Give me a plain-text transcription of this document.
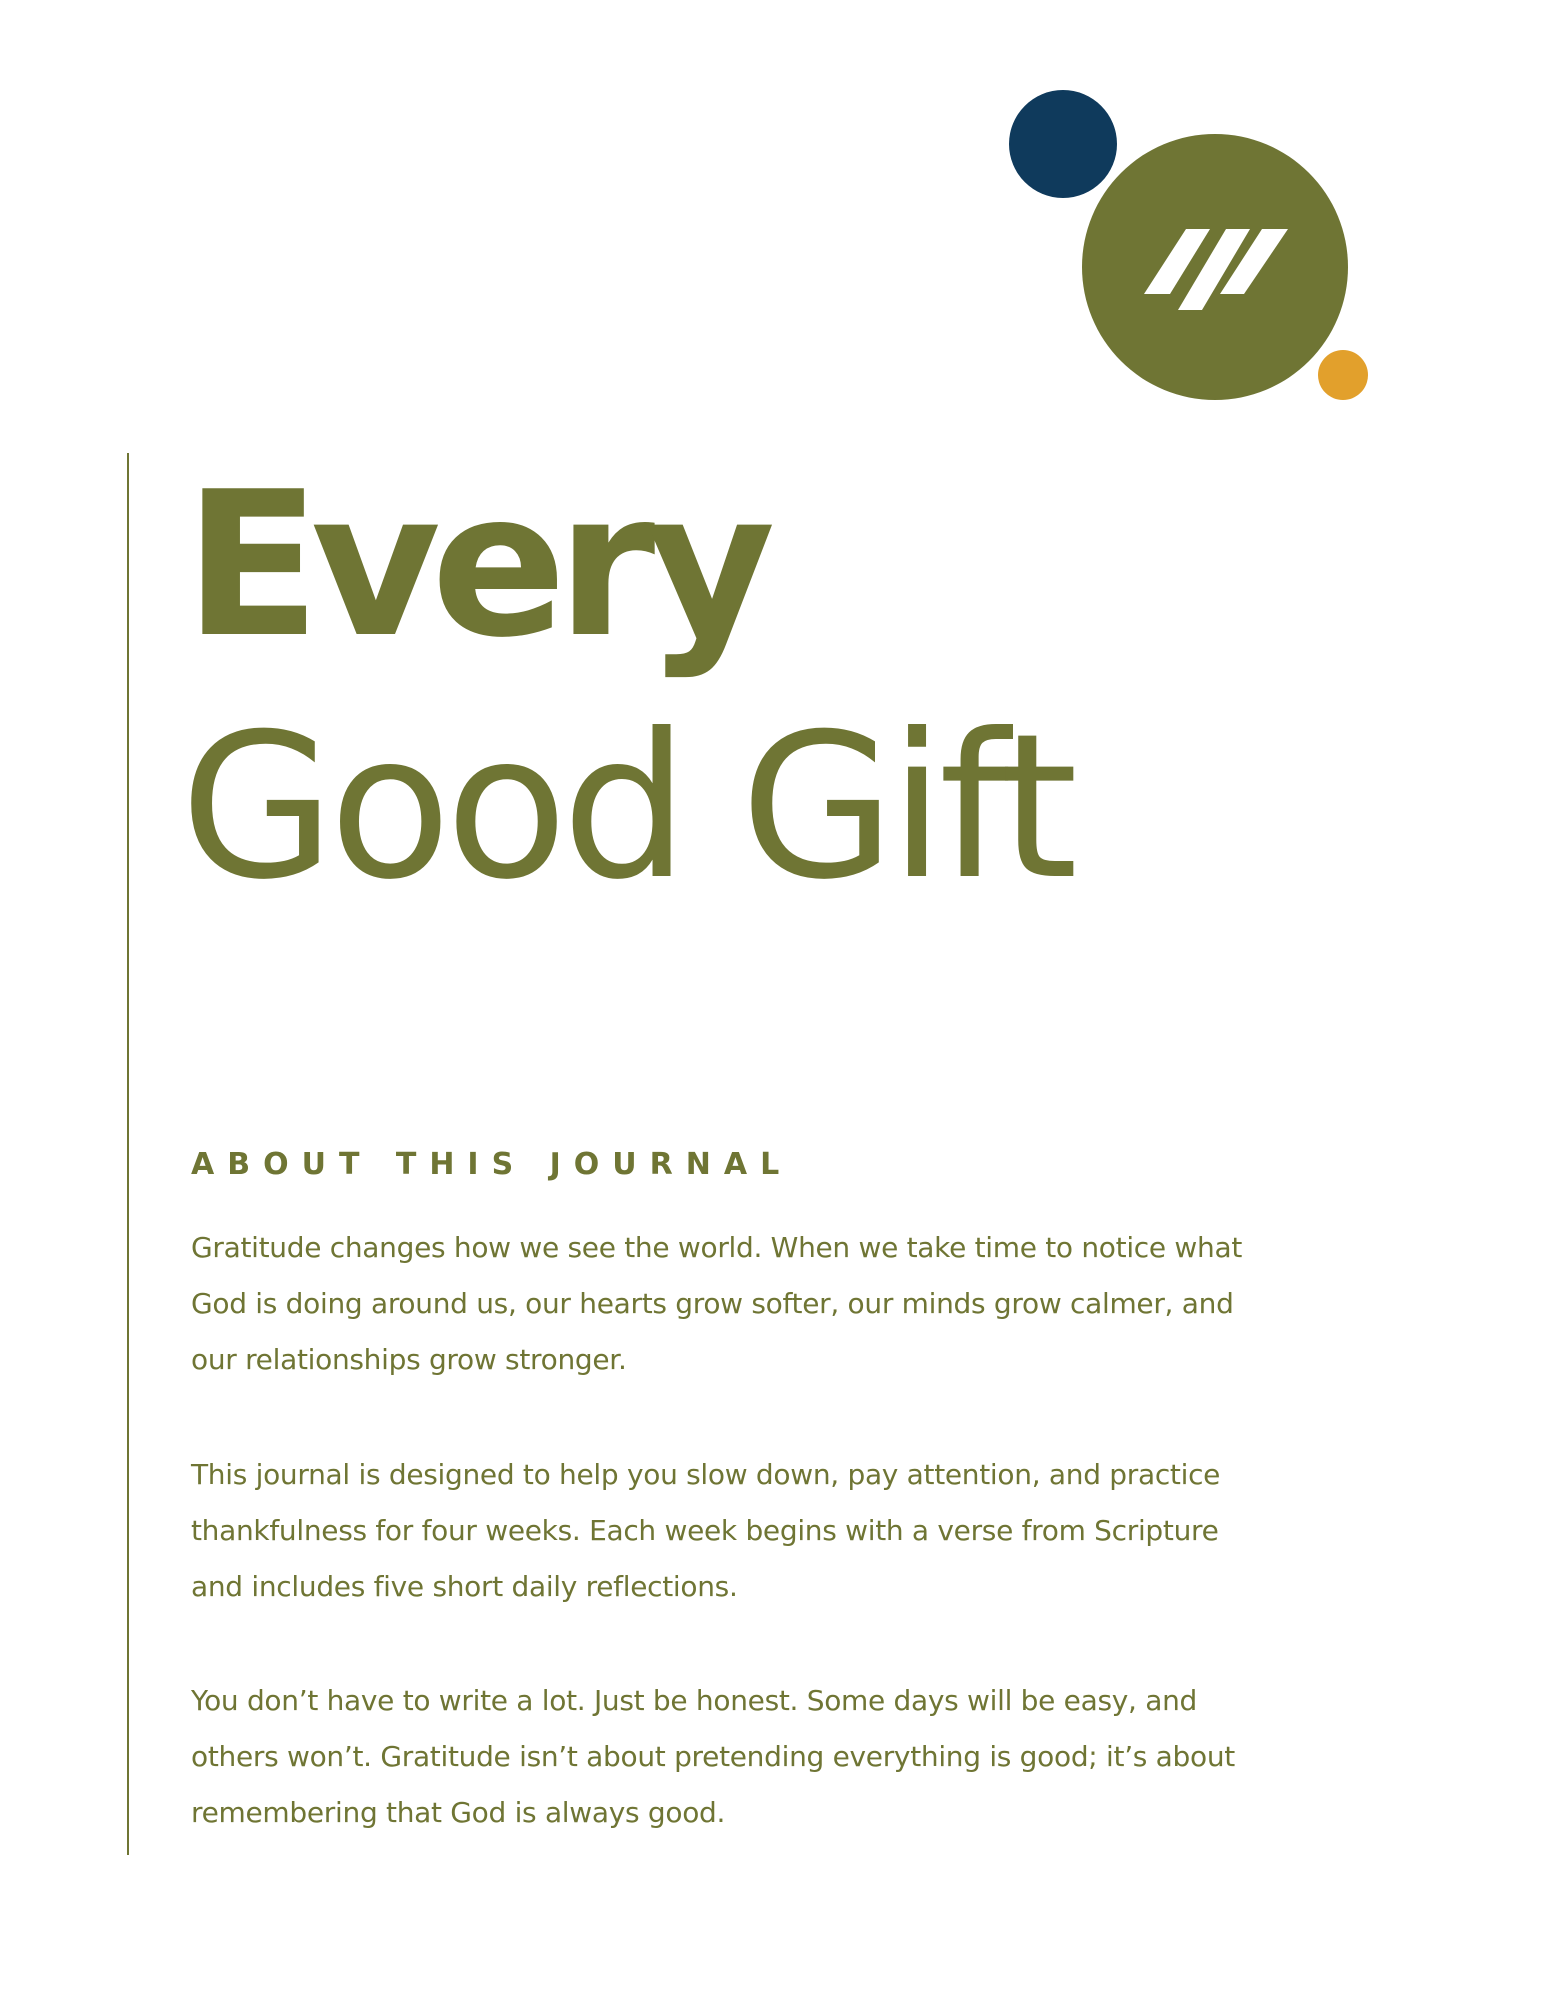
Every
Good Gift
ABOUT THIS JOURNAL

Gratitude changes how we see the world. When we take time to notice what God is doing around us, our hearts grow softer, our minds grow calmer, and our relationships grow stronger.

This journal is designed to help you slow down, pay attention, and practice thankfulness for four weeks. Each week begins with a verse from Scripture and includes five short daily reflections.

You don’t have to write a lot. Just be honest. Some days will be easy, and others won’t. Gratitude isn’t about pretending everything is good; it’s about remembering that God is always good.
